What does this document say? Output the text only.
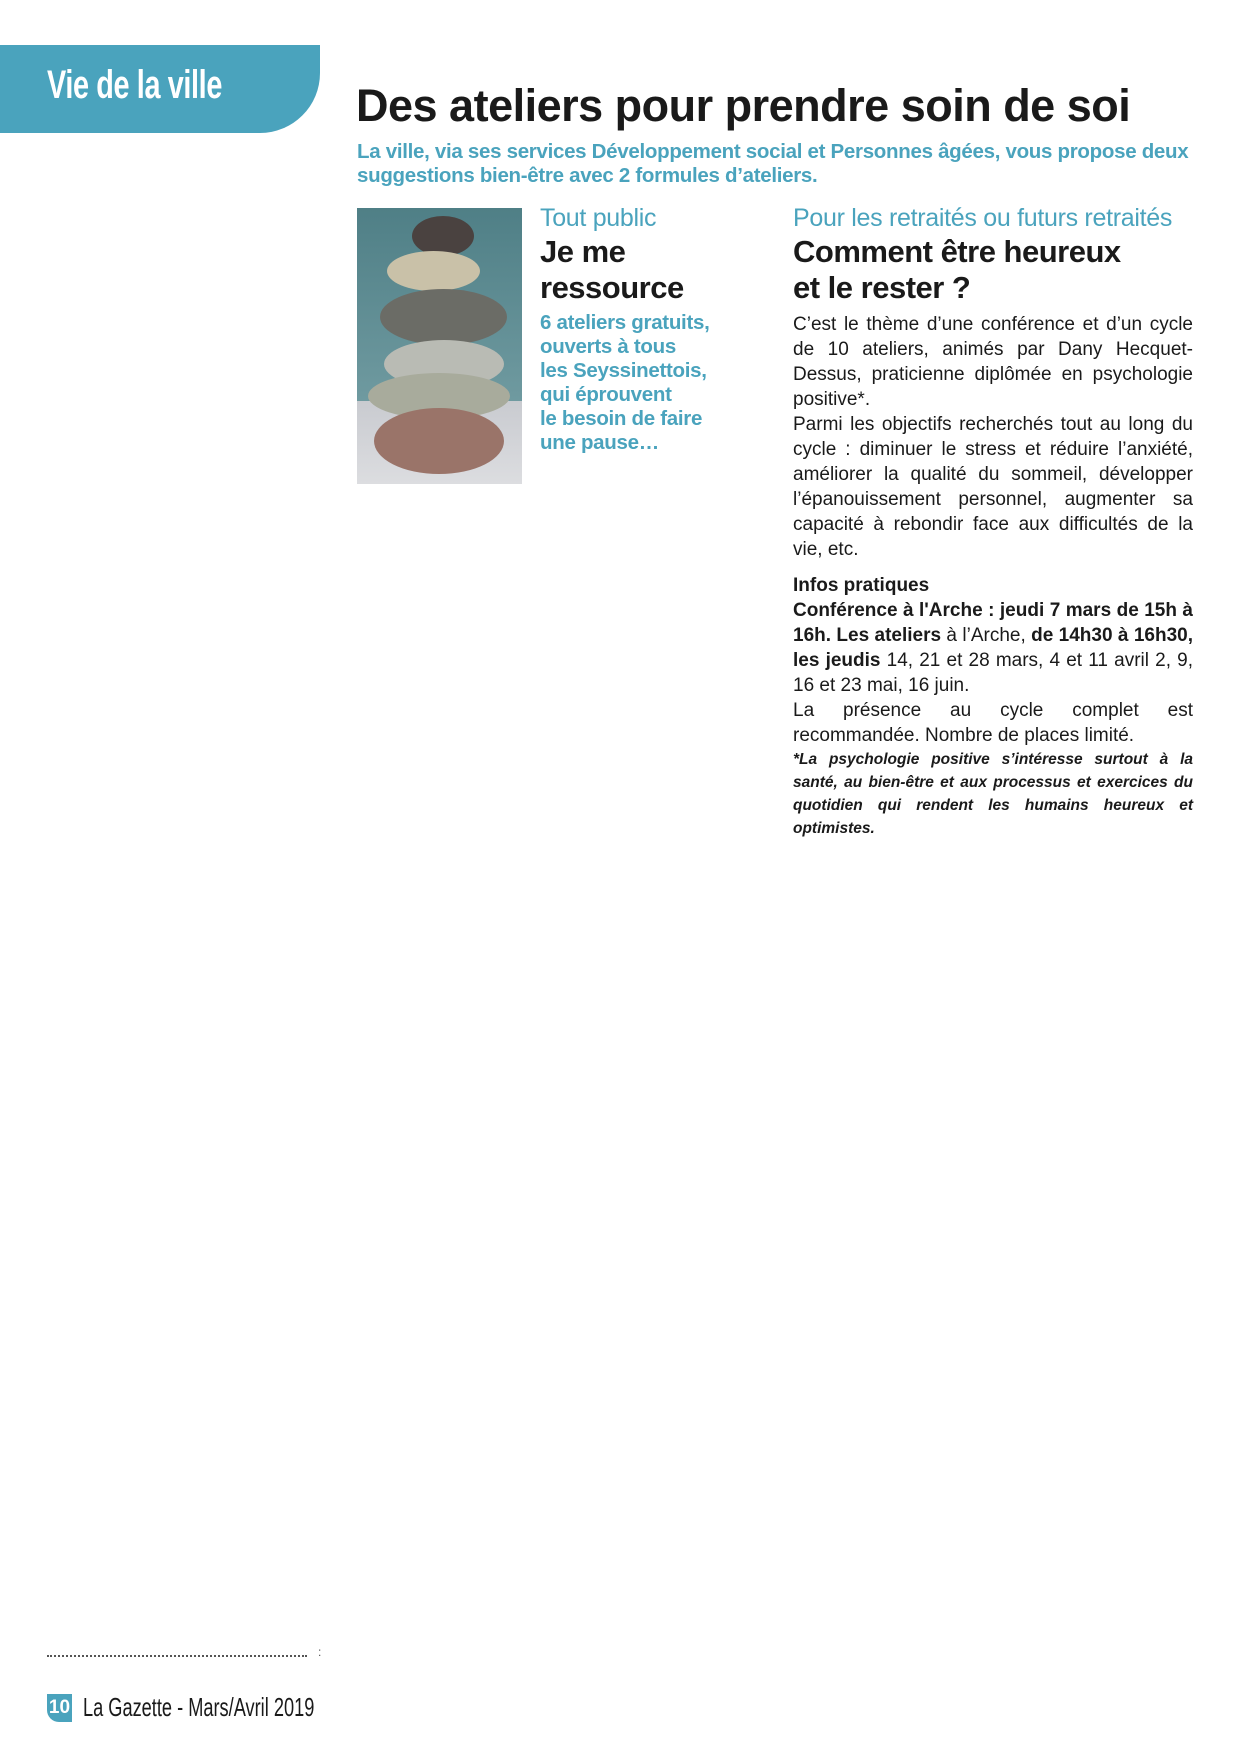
Vie de la ville	Des ateliers pour prendre soin de soi
La ville, via ses services Développement social et Personnes âgées, vous propose deux suggestions bien-être avec 2 formules d’ateliers.
Tout public
Je me
ressource
6 ateliers gratuits,
ouverts à tous
les Seyssinettois,
qui éprouvent
le besoin de faire
une pause…
Pour les retraités ou futurs retraités
Comment être heureux
et le rester ?

C’est le thème d’une conférence et d’un cycle de 10 ateliers, animés par Dany Hecquet-Dessus, praticienne diplômée en psychologie positive*.

Parmi les objectifs recherchés tout au long du cycle : diminuer le stress et réduire l’anxiété, améliorer la qualité du sommeil, développer l’épanouissement personnel, augmenter sa capacité à rebondir face aux difficultés de la vie, etc.

Infos pratiques

Conférence à l'Arche : jeudi 7 mars de 15h à 16h. Les ateliers à l’Arche, de 14h30 à 16h30, les jeudis 14, 21 et 28 mars, 4 et 11 avril 2, 9, 16 et 23 mai, 16 juin.

La présence au cycle complet est recommandée. Nombre de places limité.

*La psychologie positive s’intéresse surtout à la santé, au bien-être et aux processus et exercices du quotidien qui rendent les humains heureux et optimistes.
:
10 La Gazette - Mars/Avril 2019
